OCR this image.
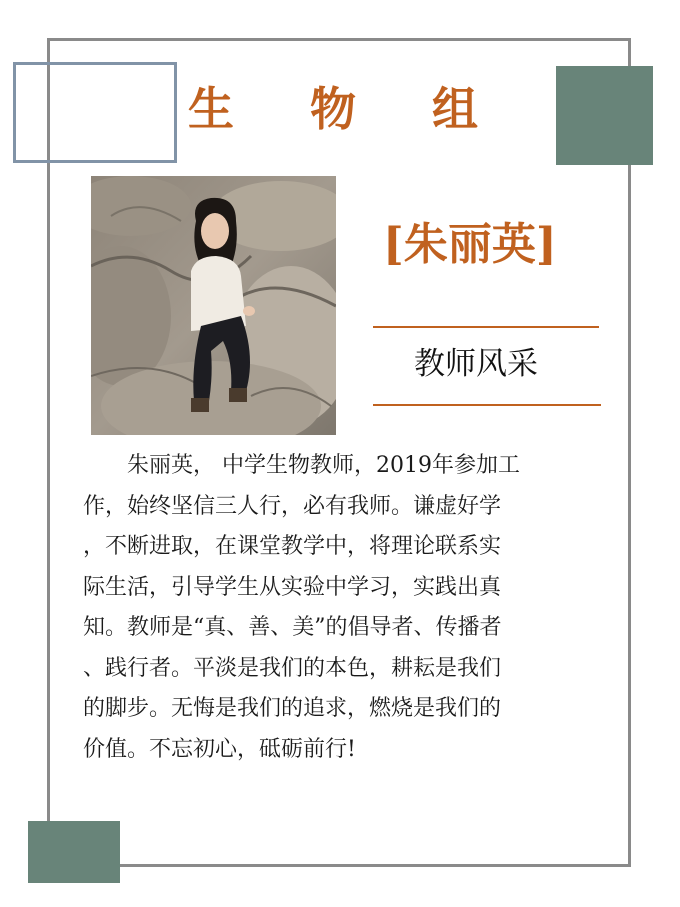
生 物 组
[朱丽英]
教师风采
　　朱丽英， 中学生物教师，2019年参加工
作，始终坚信三人行，必有我师。谦虚好学
，不断进取，在课堂教学中，将理论联系实
际生活，引导学生从实验中学习，实践出真
知。教师是“真、善、美”的倡导者、传播者
、践行者。平淡是我们的本色，耕耘是我们
的脚步。无悔是我们的追求，燃烧是我们的
价值。不忘初心，砥砺前行!
